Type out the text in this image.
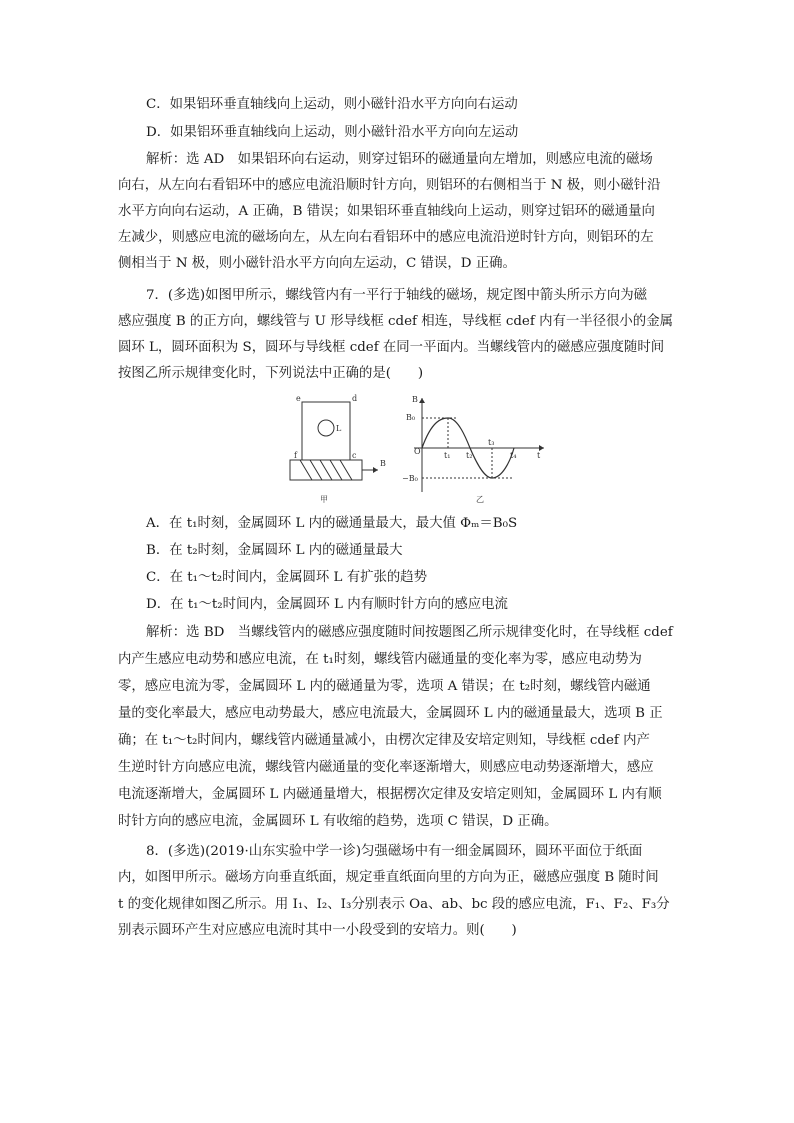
C．如果铝环垂直轴线向上运动，则小磁针沿水平方向向右运动
D．如果铝环垂直轴线向上运动，则小磁针沿水平方向向左运动
解析：选 AD　如果铝环向右运动，则穿过铝环的磁通量向左增加，则感应电流的磁场
向右，从左向右看铝环中的感应电流沿顺时针方向，则铝环的右侧相当于 N 极，则小磁针沿
水平方向向右运动，A 正确，B 错误；如果铝环垂直轴线向上运动，则穿过铝环的磁通量向
左减少，则感应电流的磁场向左，从左向右看铝环中的感应电流沿逆时针方向，则铝环的左
侧相当于 N 极，则小磁针沿水平方向向左运动，C 错误，D 正确。
7．(多选)如图甲所示，螺线管内有一平行于轴线的磁场，规定图中箭头所示方向为磁
感应强度 B 的正方向，螺线管与 U 形导线框 cdef 相连，导线框 cdef 内有一半径很小的金属
圆环 L，圆环面积为 S，圆环与导线框 cdef 在同一平面内。当螺线管内的磁感应强度随时间
按图乙所示规律变化时，下列说法中正确的是(　　)
e	d
L
f	c
B
甲
B
B₀
−B₀
O	t
t₁ t₂
t₃
t₄
乙
A．在 t₁时刻，金属圆环 L 内的磁通量最大，最大值 Φₘ＝B₀S
B．在 t₂时刻，金属圆环 L 内的磁通量最大
C．在 t₁～t₂时间内，金属圆环 L 有扩张的趋势
D．在 t₁～t₂时间内，金属圆环 L 内有顺时针方向的感应电流
解析：选 BD　当螺线管内的磁感应强度随时间按题图乙所示规律变化时，在导线框 cdef
内产生感应电动势和感应电流，在 t₁时刻，螺线管内磁通量的变化率为零，感应电动势为
零，感应电流为零，金属圆环 L 内的磁通量为零，选项 A 错误；在 t₂时刻，螺线管内磁通
量的变化率最大，感应电动势最大，感应电流最大，金属圆环 L 内的磁通量最大，选项 B 正
确；在 t₁～t₂时间内，螺线管内磁通量减小，由楞次定律及安培定则知，导线框 cdef 内产
生逆时针方向感应电流，螺线管内磁通量的变化率逐渐增大，则感应电动势逐渐增大，感应
电流逐渐增大，金属圆环 L 内磁通量增大，根据楞次定律及安培定则知，金属圆环 L 内有顺
时针方向的感应电流，金属圆环 L 有收缩的趋势，选项 C 错误，D 正确。
8．(多选)(2019·山东实验中学一诊)匀强磁场中有一细金属圆环，圆环平面位于纸面
内，如图甲所示。磁场方向垂直纸面，规定垂直纸面向里的方向为正，磁感应强度 B 随时间
t 的变化规律如图乙所示。用 I₁、I₂、I₃分别表示 Oa、ab、bc 段的感应电流，F₁、F₂、F₃分
别表示圆环产生对应感应电流时其中一小段受到的安培力。则(　　)
